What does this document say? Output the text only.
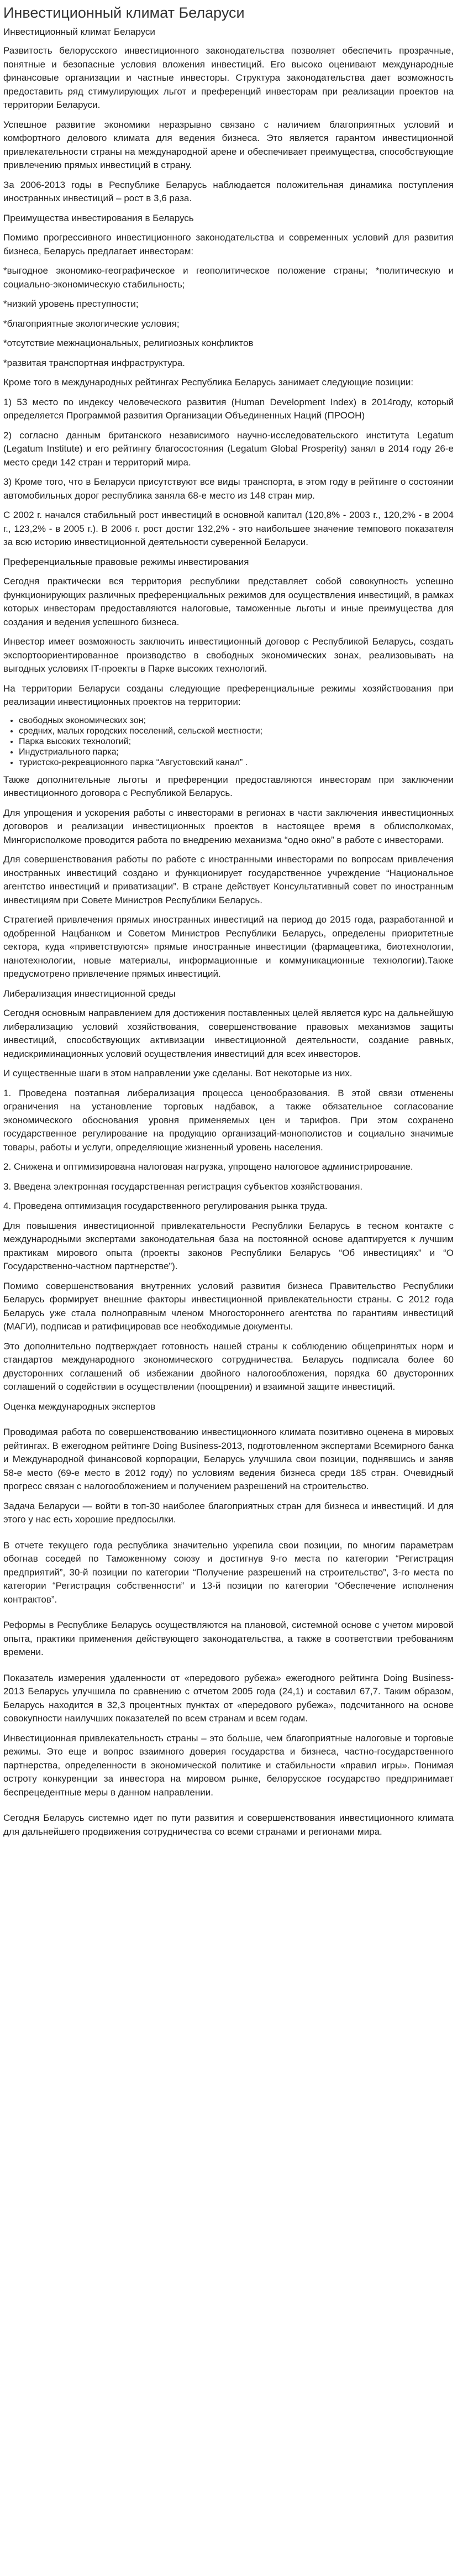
Инвестиционный климат Беларуси
Инвестиционный климат Беларуси
Развитость белорусского инвестиционного законодательства позволяет обеспечить прозрачные, понятные и безопасные условия вложения инвестиций. Его высоко оценивают международные финансовые организации и частные инвесторы. Структура законодательства дает возможность предоставить ряд стимулирующих льгот и преференций инвесторам при реализации проектов на территории Беларуси.
Успешное развитие экономики неразрывно связано с наличием благоприятных условий и комфортного делового климата для ведения бизнеса. Это является гарантом инвестиционной привлекательности страны на международной арене и обеспечивает преимущества, способствующие привлечению прямых инвестиций в страну.
За 2006-2013 годы в Республике Беларусь наблюдается положительная динамика поступления иностранных инвестиций – рост в 3,6 раза.
Преимущества инвестирования в Беларусь
Помимо прогрессивного инвестиционного законодательства и современных условий для развития бизнеса, Беларусь предлагает инвесторам:
*выгодное экономико-географическое и геополитическое положение страны; *политическую и социально-экономическую стабильность;
*низкий уровень преступности;
*благоприятные экологические условия;
*отсутствие межнациональных, религиозных конфликтов
*развитая транспортная инфраструктура.
Кроме того в международных рейтингах Республика Беларусь занимает следующие позиции:
1) 53 место по индексу человеческого развития (Human Development Index) в 2014году, который определяется Программой развития Организации Объединенных Наций (ПРООН)
2) согласно данным британского независимого научно-исследовательского института Legatum (Legatum Institute) и его рейтингу благосостояния (Legatum Global Prosperity) занял в 2014 году 26-е место среди 142 стран и территорий мира.
3) Кроме того, что в Беларуси присутствуют все виды транспорта, в этом году в рейтинге о состоянии автомобильных дорог республика заняла 68-е место из 148 стран мир.
С 2002 г. начался стабильный рост инвестиций в основной капитал (120,8% - 2003 г., 120,2% - в 2004 г., 123,2% - в 2005 г.). В 2006 г. рост достиг 132,2% - это наибольшее значение темпового показателя за всю историю инвестиционной деятельности суверенной Беларуси.
Преференциальные правовые режимы инвестирования
Сегодня практически вся территория республики представляет собой совокупность успешно функционирующих различных преференциальных режимов для осуществления инвестиций, в рамках которых инвесторам предоставляются налоговые, таможенные льготы и иные преимущества для создания и ведения успешного бизнеса.
Инвестор имеет возможность заключить инвестиционный договор с Республикой Беларусь, создать экспортоориентированное производство в свободных экономических зонах, реализовывать на выгодных условиях IT-проекты в Парке высоких технологий.
На территории Беларуси созданы следующие преференциальные режимы хозяйствования при реализации инвестиционных проектов на территории:
• свободных экономических зон;
• средних, малых городских поселений, сельской местности;
• Парка высоких технологий;
• Индустриального парка;
• туристско-рекреационного парка “Августовский канал” .
Также дополнительные льготы и преференции предоставляются инвесторам при заключении инвестиционного договора с Республикой Беларусь.
Для упрощения и ускорения работы с инвесторами в регионах в части заключения инвестиционных договоров и реализации инвестиционных проектов в настоящее время в облисполкомах, Мингорисполкоме проводится работа по внедрению механизма “одно окно” в работе с инвесторами.
Для совершенствования работы по работе с иностранными инвесторами по вопросам привлечения иностранных инвестиций создано и функционирует государственное учреждение “Национальное агентство инвестиций и приватизации”. В стране действует Консультативный совет по иностранным инвестициям при Совете Министров Республики Беларусь.
Стратегией привлечения прямых иностранных инвестиций на период до 2015 года, разработанной и одобренной Нацбанком и Советом Министров Республики Беларусь, определены приоритетные сектора, куда «приветствуются» прямые иностранные инвестиции (фармацевтика, биотехнологии, нанотехнологии, новые материалы, информационные и коммуникационные технологии).Также предусмотрено привлечение прямых инвестиций.
Либерализация инвестиционной среды
Сегодня основным направлением для достижения поставленных целей является курс на дальнейшую либерализацию условий хозяйствования, совершенствование правовых механизмов защиты инвестиций, способствующих активизации инвестиционной деятельности, создание равных, недискриминационных условий осуществления инвестиций для всех инвесторов.
И существенные шаги в этом направлении уже сделаны. Вот некоторые из них.
1. Проведена поэтапная либерализация процесса ценообразования. В этой связи отменены ограничения на установление торговых надбавок, а также обязательное согласование экономического обоснования уровня применяемых цен и тарифов. При этом сохранено государственное регулирование на продукцию организаций-монополистов и социально значимые товары, работы и услуги, определяющие жизненный уровень населения.
2. Снижена и оптимизирована налоговая нагрузка, упрощено налоговое администрирование.
3. Введена электронная государственная регистрация субъектов хозяйствования.
4. Проведена оптимизация государственного регулирования рынка труда.
Для повышения инвестиционной привлекательности Республики Беларусь в тесном контакте с международными экспертами законодательная база на постоянной основе адаптируется к лучшим практикам мирового опыта (проекты законов Республики Беларусь “Об инвестициях” и “О Государственно-частном партнерстве”).
Помимо совершенствования внутренних условий развития бизнеса Правительство Республики Беларусь формирует внешние факторы инвестиционной привлекательности страны. С 2012 года Беларусь уже стала полноправным членом Многостороннего агентства по гарантиям инвестиций (МАГИ), подписав и ратифицировав все необходимые документы.
Это дополнительно подтверждает готовность нашей страны к соблюдению общепринятых норм и стандартов международного экономического сотрудничества. Беларусь подписала более 60 двусторонних соглашений об избежании двойного налогообложения, порядка 60 двусторонних соглашений о содействии в осуществлении (поощрении) и взаимной защите инвестиций.
Оценка международных экспертов
Проводимая работа по совершенствованию инвестиционного климата позитивно оценена в мировых рейтингах. В ежегодном рейтинге Doing Business-2013, подготовленном экспертами Всемирного банка и Международной финансовой корпорации, Беларусь улучшила свои позиции, поднявшись и заняв 58-е место (69-е место в 2012 году) по условиям ведения бизнеса среди 185 стран. Очевидный прогресс связан с налогообложением и получением разрешений на строительство.
Задача Беларуси — войти в топ-30 наиболее благоприятных стран для бизнеса и инвестиций. И для этого у нас есть хорошие предпосылки.
В отчете текущего года республика значительно укрепила свои позиции, по многим параметрам обогнав соседей по Таможенному союзу и достигнув 9-го места по категории “Регистрация предприятий”, 30-й позиции по категории “Получение разрешений на строительство”, 3-го места по категории “Регистрация собственности” и 13-й позиции по категории “Обеспечение исполнения контрактов”.
Реформы в Республике Беларусь осуществляются на плановой, системной основе с учетом мировой опыта, практики применения действующего законодательства, а также в соответствии требованиям времени.
Показатель измерения удаленности от «передового рубежа» ежегодного рейтинга Doing Business-2013 Беларусь улучшила по сравнению с отчетом 2005 года (24,1) и составил 67,7. Таким образом, Беларусь находится в 32,3 процентных пунктах от «передового рубежа», подсчитанного на основе совокупности наилучших показателей по всем странам и всем годам.
Инвестиционная привлекательность страны – это больше, чем благоприятные налоговые и торговые режимы. Это еще и вопрос взаимного доверия государства и бизнеса, частно-государственного партнерства, определенности в экономической политике и стабильности «правил игры». Понимая остроту конкуренции за инвестора на мировом рынке, белорусское государство предпринимает беспрецедентные меры в данном направлении.
Сегодня Беларусь системно идет по пути развития и совершенствования инвестиционного климата для дальнейшего продвижения сотрудничества со всеми странами и регионами мира.
